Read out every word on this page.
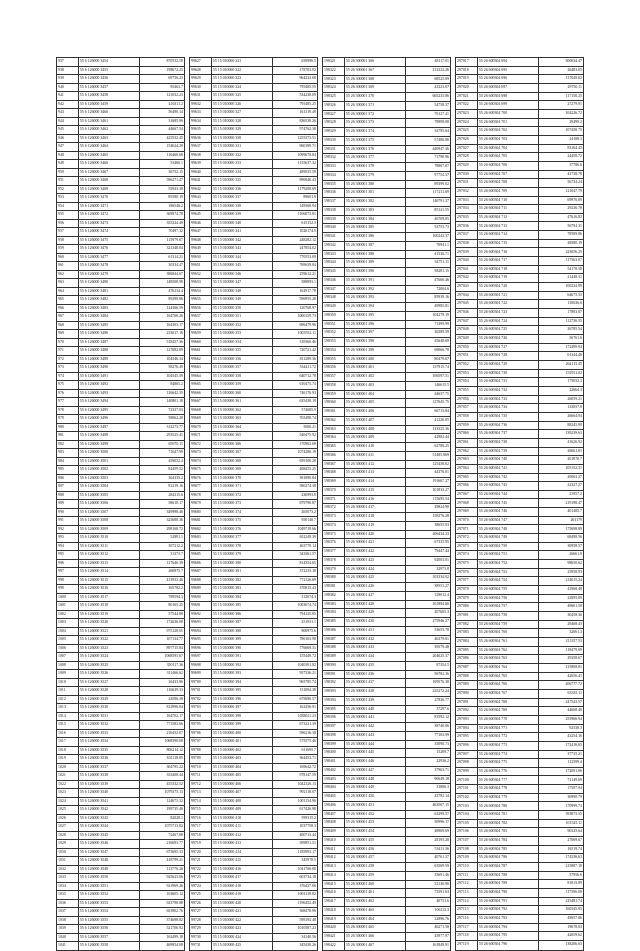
937	55 6 126000 3454	870532.58
938	55 6 126000 3455	198672.25
939	55 6 126000 3456	69756.23
940	55 6 126000 3457	85463.7
941	55 6 126000 3458	121032.23
942	55 6 126000 3459	416311.2
943	55 6 126000 3460	56490.14
944	55 6 126000 3461	31685.96
945	55 6 126000 3462	44667.54
946	55 6 126000 3463	425532.45
947	55 6 126000 3464	154624.29
948	55 6 126000 3465	116460.68
949	55 6 126000 3466	53466.1
950	55 6 126000 3467	36752.15
951	55 6 126000 3468	596271.47
952	55 6 126000 3469	55943.38
953	55 6 126000 3470	85580.19
954	55 6 126000 3471	186546.2
955	55 6 126000 3472	369974.78
956	55 6 126000 3473	355324.49
957	55 6 126000 3474	70497.32
958	55 6 126000 3475	115979.67
959	55 6 126000 3476	321348.04
960	55 6 126000 3477	61314.21
961	55 6 126000 3478	30334.47
962	55 6 126000 3479	386844.67
963	55 6 126000 3480	148508.99
964	55 6 126000 3481	476234.4
965	55 6 126000 3482	89298.86
966	55 6 126000 3483	124366.59
967	55 6 126000 3484	164760.26
968	55 6 126000 3485	164303.17
969	55 6 126000 3486	233617.16
970	55 6 126000 3487	518457.36
971	55 6 126000 3488	127682.89
972	55 6 126000 3489	104546.34
973	55 6 126000 3490	58276.49
974	55 6 126000 3491	104545.59
975	55 6 126000 3492	84865.2
976	55 6 126000 3493	126642.35
977	55 6 126000 3494	140801.18
978	55 6 126000 3495	72337.03
979	55 6 126000 3496	58062.28
980	55 6 126000 3497	312273.77
981	55 6 126000 3498	293525.41
982	55 6 126000 3499	65970.11
983	55 6 126000 3500	71647.99
984	55 6 126000 3501	459052.4
985	55 6 126000 3502	82459.52
986	55 6 126000 3503	364335.2
987	55 6 126000 3504	81219.16
988	55 6 126000 3505	284315.6
989	55 6 126000 3506	58610.17
990	55 6 126000 3507	349998.46
991	55 6 126000 3508	325688.36
992	55 6 126000 3509	298168.72
993	55 6 126000 3510	52891.1
994	55 6 126000 3511	307212.2
995	55 6 126000 3512	31373.7
996	55 6 126000 3513	127646.39
997	55 6 126000 3514	260875.7
998	55 6 126000 3515	413933.46
999	55 6 126000 3516	165782.2
1000	55 6 126000 3517	789594.3
1001	55 6 126000 3518	80165.25
1002	55 6 126000 3519	57544.88
1003	55 6 126000 3520	172636.08
1004	55 6 126000 3521	975128.05
1005	55 6 126000 3522	107134.77
1006	55 6 126000 3523	897715.84
1007	55 6 126000 3524	1068595.67
1008	55 6 126000 3525	350117.36
1009	55 6 126000 3526	311466.62
1010	55 6 126000 3527	16433.96
1011	55 6 126000 3528	116639.33
1012	55 6 126000 3529	24596.38
1013	55 6 126000 3530	812996.04
1014	55 6 126000 3531	164702.17
1015	55 6 126000 3532	771583.66
1016	55 6 126000 3533	216452.07
1017	55 6 126000 3534	1068590.08
1018	55 6 126000 3535	806214.12
1019	55 6 126000 3536	631118.85
1020	55 6 126000 3537	304795.22
1021	55 6 126000 3538	353408.44
1022	55 6 126000 3539	455332.52
1023	55 6 126000 3540	1079375.13
1024	55 6 126000 3541	124673.32
1025	55 6 126000 3542	199735.46
1026	55 6 126000 3543	82028.1
1027	55 6 126000 3544	1075713.82
1028	55 6 126000 3545	72467.08
1029	55 6 126000 3546	216693.77
1030	55 6 126000 3547	673695.33
1031	55 6 126000 3548	418799.21
1032	55 6 126000 3549	113776.26
1033	55 6 126000 3550	925623.06
1034	55 6 126000 3551	921969.26
1035	55 6 126000 3552	103605.12
1036	55 6 126000 3553	923798.88
1037	55 6 126000 3554	653902.76
1038	55 6 126000 3555	374698.82
1039	55 6 126000 3556	521706.92
1040	55 6 126000 3557	162499.18
1041	55 6 126000 3558	469954.08
99627	55 15 010000 321	650996.5
99628	55 15 010000 322	178703.92
99629	55 15 010000 323	964232.08
99630	55 15 010000 324	795485.55
99631	55 15 010000 325	534238.09
99632	55 15 010000 326	795485.25
99633	55 15 010000 327	161319.49
99634	55 15 010000 328	836539.26
99635	55 15 010000 329	974762.38
99636	55 15 010000 330	1255373.51
99637	55 15 010000 331	960189.71
99638	55 15 010000 332	1099678.84
99639	55 15 010000 333	1155637.32
99640	55 15 010000 334	489035.58
99641	55 15 010000 335	896946.43
99642	55 15 010000 336	1179208.69
99643	55 15 010000 337	89601.9
99644	55 15 010000 338	149568.94
99645	55 15 010000 339	1106073.81
99646	55 15 010000 340	615152.3
99647	55 15 010000 341	1020174.5
99648	55 15 010000 342	248282.12
99649	55 15 010000 343	247854.02
99650	55 15 010000 344	770553.09
99651	55 15 010000 345	769639.04
99652	55 15 010000 346	259612.21
99653	55 15 010000 347	588893.1
99654	55 15 010000 348	162917.78
99655	55 15 010000 349	596955.28
99656	55 15 010000 350	120768.97
99657	55 15 010000 351	1000159.73
99658	55 15 010000 352	696479.96
99659	55 15 010000 353	1003552.11
99660	55 15 010000 354	310560.46
99661	55 15 010000 355	720721.42
99662	55 15 010000 356	811289.36
99663	55 15 010000 357	534411.72
99664	55 15 010000 358	640712.78
99665	55 15 010000 359	610475.74
99666	55 15 010000 360	746176.93
99667	55 15 010000 361	635438.19
99668	55 15 010000 362	574685.9
99669	55 15 010000 363	765498.74
99670	55 15 010000 364	5060.21
99671	55 15 010000 365	540475.92
99672	55 15 010000 366	170963.08
99673	55 15 010000 367	1074286.19
99674	55 15 010000 368	659100.28
99675	55 15 010000 369	408453.25
99676	55 15 010000 370	391080.84
99677	55 15 010000 371	580274.38
99678	55 15 010000 372	430993.8
99679	55 15 010000 373	879790.87
99680	55 15 010000 374	265073.2
99681	55 15 010000 375	950140.7
99682	55 15 010000 376	1049718.66
99683	55 15 010000 377	652249.39
99684	55 15 010000 378	263779.14
99685	55 15 010000 379	543361.57
99686	55 15 010000 380	814354.65
99687	55 15 010000 381	372233.18
99688	55 15 010000 382	772126.69
99689	55 15 010000 383	370813.43
99690	55 15 010000 384	312074.3
99691	55 15 010000 385	1003674.74
99692	55 15 010000 386	794125.85
99693	55 15 010000 387	251931.1
99694	55 15 010000 388	900975.6
99695	55 15 010000 389	786103.98
99696	55 15 010000 390	776669.31
99697	55 15 010000 391	155449.72
99698	55 15 010000 392	1040391.82
99699	55 15 010000 393	957336.21
99700	55 15 010000 394	965785.74
99701	55 15 010000 395	131094.38
99702	55 15 010000 396	675690.57
99703	55 15 010000 397	162436.91
99704	55 15 010000 398	1038611.23
99705	55 15 010000 399	673221.39
99706	55 15 010000 400	596216.38
99707	55 15 010000 401	575575.46
99708	55 15 010000 402	611695.7
99709	55 15 010000 403	364453.71
99710	55 15 010000 404	169642.72
99711	55 15 010000 405	978147.59
99712	55 15 010000 406	1042326.13
99713	55 15 010000 407	992118.07
99714	55 15 010000 408	1001154.96
99715	55 15 010000 409	617426.98
99716	55 15 010000 410	599315.2
99717	55 15 010000 411	1037758.3
99718	55 15 010000 412	400713.44
99719	55 15 010000 413	399851.51
99720	55 15 010000 414	1185993.17
99721	55 15 010000 415	345978.5
99722	55 15 010000 416	1041766.08
99723	55 15 010000 417	603734.18
99724	55 15 010000 418	376437.06
99725	55 15 010000 419	1001139.82
99726	55 15 010000 420	1196452.49
99727	55 15 010000 421	568478.96
99728	55 15 010000 422	598193.48
99729	55 15 010000 423	1010587.23
99730	55 15 010000 424	34140.56
99731	55 15 010000 425	345430.26
198321	55 26 300001 366	48117.01
198322	55 26 300001 367	112322.26
198323	55 26 300001 368	68525.09
198324	55 26 300001 369	43323.07
198325	55 26 300001 370	665233.86
198326	55 26 300001 371	54758.37
198327	55 26 300001 372	70127.41
198328	55 26 300001 373	78998.08
198329	55 26 300001 374	34795.64
198330	55 26 300001 375	57486.86
198331	55 26 300001 376	440947.36
198332	55 26 300001 377	71790.96
198333	55 26 300001 378	78867.07
198334	55 26 300001 379	97754.37
198335	55 26 300001 380	89399.02
198336	55 26 300001 381	117211.69
198337	55 26 300001 382	146791.37
198338	55 26 300001 383	85141.55
198339	55 26 300001 384	46709.85
198340	55 26 300001 385	53753.73
198341	55 26 300001 386	100243.37
198342	55 26 300001 387	70941.1
198343	55 26 300001 388	41536.71
198344	55 26 300001 389	34751.11
198345	55 26 300001 390	58281.15
198346	55 26 300001 391	47660.46
198347	55 26 300001 392	72004.6
198348	55 26 300001 393	85939.16
198349	55 26 300001 394	49985.81
198350	55 26 300001 395	104279.19
198351	55 26 300001 396	71399.99
198352	55 26 300001 397	36589.59
198353	55 26 300001 398	45648.69
198354	55 26 300001 399	69066.78
198355	55 26 300001 400	80479.67
198356	55 26 300001 401	137915.74
198357	55 26 300001 402	106597.51
198358	55 26 300001 403	146615.5
198359	55 26 300001 404	44637.75
198360	55 26 300001 405	127645.75
198361	55 26 300001 406	66713.84
198362	55 26 300001 407	41226.05
198363	55 26 300001 408	123325.36
198364	55 26 300001 409	42982.44
198365	55 26 300001 410	62786.25
198366	55 26 300001 411	51485.869
198367	55 26 300001 412	125438.62
198368	55 26 300001 413	44376.01
198369	55 26 300001 414	191667.27
198370	55 26 300001 415	101833.27
198371	55 26 300001 416	115695.54
198372	55 26 300001 417	29824.98
198373	55 26 300001 418	158276.28
198374	55 26 300001 419	38655.03
198375	55 26 300001 420	206434.33
198376	55 26 300001 421	67335.95
198377	55 26 300001 422	79447.44
198378	55 26 300001 423	92003.01
198379	55 26 300001 424	32973.8
198380	55 26 300001 425	103334.02
198381	55 26 300001 426	38551.27
198382	55 26 300001 427	129012.4
198383	55 26 300001 428	161894.66
198384	55 26 300001 429	207665.3
198385	55 26 300001 430	275946.27
198386	55 26 300001 431	53655.78
198387	55 26 300001 432	46379.81
198388	55 26 300001 433	39579.48
198389	55 26 300001 434	204025.37
198390	55 26 300001 435	87354.5
198391	55 26 300001 436	56782.36
198392	55 26 300001 437	109576.38
198393	55 26 300001 438	225272.24
198394	55 26 300001 439	27836.77
198395	55 26 300001 440	37297.6
198396	55 26 300001 441	83592.12
198397	55 26 300001 442	38740.06
198398	55 26 300001 443	77103.99
198399	55 26 300001 444	35090.73
198400	55 26 300001 445	15209.7
198401	55 26 300001 446	22936.2
198402	55 26 300001 447	37963.71
198403	55 26 300001 448	90649.18
198404	55 26 300001 449	31806.3
198405	55 26 300001 450	43782.14
198406	55 26 300001 451	463567.15
198407	55 26 300001 452	63299.57
198408	55 26 300001 453	50996.17
198409	55 26 300001 454	48969.69
198410	55 26 300001 455	28195.28
198411	55 26 300001 456	53411.36
198412	55 26 300001 457	40761.37
198413	55 26 300001 458	63569.59
198414	55 26 300001 459	35691.46
198415	55 26 300001 460	52136.96
198416	55 26 300001 461	73591.63
198417	55 26 300001 462	40731.6
198418	55 26 300001 463	106112.3
198419	55 26 300001 464	32896.76
198420	55 26 300001 465	46271.58
198421	55 26 300001 466	43977.97
198422	55 26 300001 467	161849.91
297017	55 26 600304 694	300634.47
297018	55 26 600304 695	26483.05
297019	55 26 600304 696	117049.82
297020	55 26 600304 697	29750.11
297021	55 26 600304 698	117150.25
297022	55 26 600304 699	27279.91
297023	55 26 600304 700	104226.72
297024	55 26 600304 701	29499.2
297025	55 26 600304 702	107458.75
297026	55 26 600304 703	24188.3
297027	55 26 600304 704	83164.43
297028	55 26 600304 705	24458.72
297029	55 26 600304 706	37786.6
297030	55 26 600304 707	41738.78
297031	55 26 600304 708	56734.24
297032	55 26 600304 709	121047.79
297033	55 26 600304 710	69976.09
297034	55 26 600304 711	29236.78
297035	55 26 600304 712	47616.82
297036	55 26 600304 713	56794.31
297037	55 26 600304 714	78589.86
297038	55 26 600304 715	28580.19
297039	55 26 600304 716	223056.25
297040	55 26 600304 717	117563.07
297041	55 26 600304 718	54178.58
297042	55 26 600304 719	21448.31
297043	55 26 600304 720	100234.99
297044	55 26 600304 721	64675.35
297045	55 26 600304 722	110636.6
297046	55 26 600304 723	17883.87
297047	55 26 600304 724	112736.55
297048	55 26 600304 725	26785.54
297049	55 26 600304 726	56761.6
297050	55 26 600304 727	172499.94
297051	55 26 600304 728	61344.46
297052	55 26 600304 729	264115.45
297053	55 26 600304 730	152911.02
297054	55 26 600304 731	175052.3
297055	55 26 600304 732	22664.3
297056	55 26 600304 733	26059.21
297057	55 26 600304 734	133057.8
297058	55 26 600304 735	26664.94
297059	55 26 600304 736	88245.99
297060	55 26 600304 737	139239.63
297061	55 26 600304 738	41626.92
297062	55 26 600304 739	26661.81
297063	55 26 600304 740	201870.7
297064	55 26 600304 741	105152.31
297065	55 26 600304 742	20063.27
297066	55 26 600304 743	22327.27
297067	55 26 600304 744	21957.2
297068	55 26 600304 745	219198.47
297069	55 26 600304 746	401485.7
297070	55 26 600304 747	261179
297071	55 26 600304 748	175698.89
297072	55 26 600304 749	68498.56
297073	55 26 600304 750	30958.57
297074	55 26 600304 751	26661.8
297075	55 26 600304 752	98650.62
297076	55 26 600304 753	25958.93
297077	55 26 600304 754	214015.24
297078	55 26 600304 755	41968.48
297079	55 26 600304 756	22895.09
297080	55 26 600304 757	49601.58
297081	55 26 600304 758	30458.36
297082	55 26 600304 759	29468.43
297083	55 26 600304 760	32061.3
297084	55 26 600304 761	211357.53
297085	55 26 600304 762	118479.09
297086	55 26 600304 763	29358.67
297087	55 26 600304 764	115808.81
297088	55 26 600304 765	42656.41
297089	55 26 600304 766	206777.72
297090	55 26 600304 767	63335.11
297091	55 26 600304 768	247543.57
297092	55 26 600304 769	44668.48
297093	55 26 600304 770	255966.94
297094	55 26 600304 771	92538.3
297095	55 26 600304 772	43254.16
297096	55 26 600304 773	172416.65
297097	55 26 600304 774	37735.21
297098	55 26 600304 775	112599.4
297099	55 26 600304 776	172001.06
297100	55 26 600304 777	72149.69
297101	55 26 600304 778	17597.94
297102	55 26 600304 779	30990.79
297103	55 26 600304 780	170999.73
297104	55 26 600304 781	393873.55
297105	55 26 600304 782	101525.11
297106	55 26 600304 783	90325.64
297107	55 26 600304 784	27069.67
297108	55 26 600304 785	16519.74
297109	55 26 600304 786	174336.63
297110	55 26 600304 787	215887.19
297111	55 26 600304 788	37956.6
297112	55 26 600304 789	81815.89
297113	55 26 600304 790	117396.08
297114	55 26 600304 791	225481.74
297115	55 26 600304 792	160345.95
297116	55 26 600304 793	49657.86
297117	55 26 600304 794	19678.83
297118	55 26 600304 795	42659.62
297119	55 26 600304 796	138206.63
